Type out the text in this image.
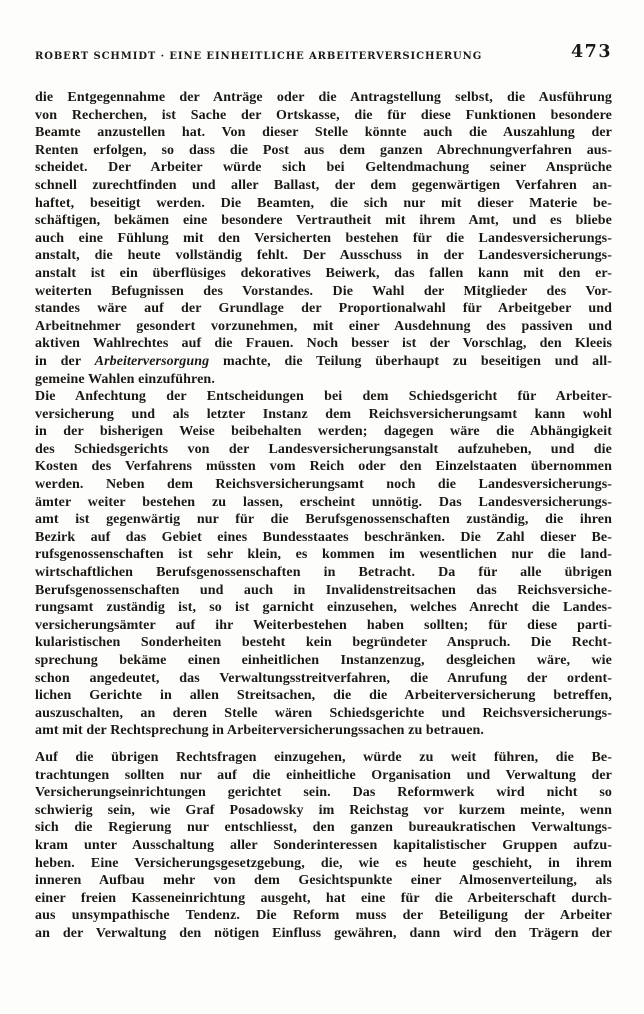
ROBERT SCHMIDT · EINE EINHEITLICHE ARBEITERVERSICHERUNG	473
die Entgegennahme der Anträge oder die Antragstellung selbst, die Ausführung
von Recherchen, ist Sache der Ortskasse, die für diese Funktionen besondere
Beamte anzustellen hat. Von dieser Stelle könnte auch die Auszahlung der
Renten erfolgen, so dass die Post aus dem ganzen Abrechnungverfahren aus-
scheidet. Der Arbeiter würde sich bei Geltendmachung seiner Ansprüche
schnell zurechtfinden und aller Ballast, der dem gegenwärtigen Verfahren an-
haftet, beseitigt werden. Die Beamten, die sich nur mit dieser Materie be-
schäftigen, bekämen eine besondere Vertrautheit mit ihrem Amt, und es bliebe
auch eine Fühlung mit den Versicherten bestehen für die Landesversicherungs-
anstalt, die heute vollständig fehlt. Der Ausschuss in der Landesversicherungs-
anstalt ist ein überflüsiges dekoratives Beiwerk, das fallen kann mit den er-
weiterten Befugnissen des Vorstandes. Die Wahl der Mitglieder des Vor-
standes wäre auf der Grundlage der Proportionalwahl für Arbeitgeber und
Arbeitnehmer gesondert vorzunehmen, mit einer Ausdehnung des passiven und
aktiven Wahlrechtes auf die Frauen. Noch besser ist der Vorschlag, den Kleeis
in der Arbeiterversorgung machte, die Teilung überhaupt zu beseitigen und all-
gemeine Wahlen einzuführen.
Die Anfechtung der Entscheidungen bei dem Schiedsgericht für Arbeiter-
versicherung und als letzter Instanz dem Reichsversicherungsamt kann wohl
in der bisherigen Weise beibehalten werden; dagegen wäre die Abhängigkeit
des Schiedsgerichts von der Landesversicherungsanstalt aufzuheben, und die
Kosten des Verfahrens müssten vom Reich oder den Einzelstaaten übernommen
werden. Neben dem Reichsversicherungsamt noch die Landesversicherungs-
ämter weiter bestehen zu lassen, erscheint unnötig. Das Landesversicherungs-
amt ist gegenwärtig nur für die Berufsgenossenschaften zuständig, die ihren
Bezirk auf das Gebiet eines Bundesstaates beschränken. Die Zahl dieser Be-
rufsgenossenschaften ist sehr klein, es kommen im wesentlichen nur die land-
wirtschaftlichen Berufsgenossenschaften in Betracht. Da für alle übrigen
Berufsgenossenschaften und auch in Invalidenstreitsachen das Reichsversiche-
rungsamt zuständig ist, so ist garnicht einzusehen, welches Anrecht die Landes-
versicherungsämter auf ihr Weiterbestehen haben sollten; für diese parti-
kularistischen Sonderheiten besteht kein begründeter Anspruch. Die Recht-
sprechung bekäme einen einheitlichen Instanzenzug, desgleichen wäre, wie
schon angedeutet, das Verwaltungsstreitverfahren, die Anrufung der ordent-
lichen Gerichte in allen Streitsachen, die die Arbeiterversicherung betreffen,
auszuschalten, an deren Stelle wären Schiedsgerichte und Reichsversicherungs-
amt mit der Rechtsprechung in Arbeiterversicherungssachen zu betrauen.
Auf die übrigen Rechtsfragen einzugehen, würde zu weit führen, die Be-
trachtungen sollten nur auf die einheitliche Organisation und Verwaltung der
Versicherungseinrichtungen gerichtet sein. Das Reformwerk wird nicht so
schwierig sein, wie Graf Posadowsky im Reichstag vor kurzem meinte, wenn
sich die Regierung nur entschliesst, den ganzen bureaukratischen Verwaltungs-
kram unter Ausschaltung aller Sonderinteressen kapitalistischer Gruppen aufzu-
heben. Eine Versicherungsgesetzgebung, die, wie es heute geschieht, in ihrem
inneren Aufbau mehr von dem Gesichtspunkte einer Almosenverteilung, als
einer freien Kasseneinrichtung ausgeht, hat eine für die Arbeiterschaft durch-
aus unsympathische Tendenz. Die Reform muss der Beteiligung der Arbeiter
an der Verwaltung den nötigen Einfluss gewähren, dann wird den Trägern der
